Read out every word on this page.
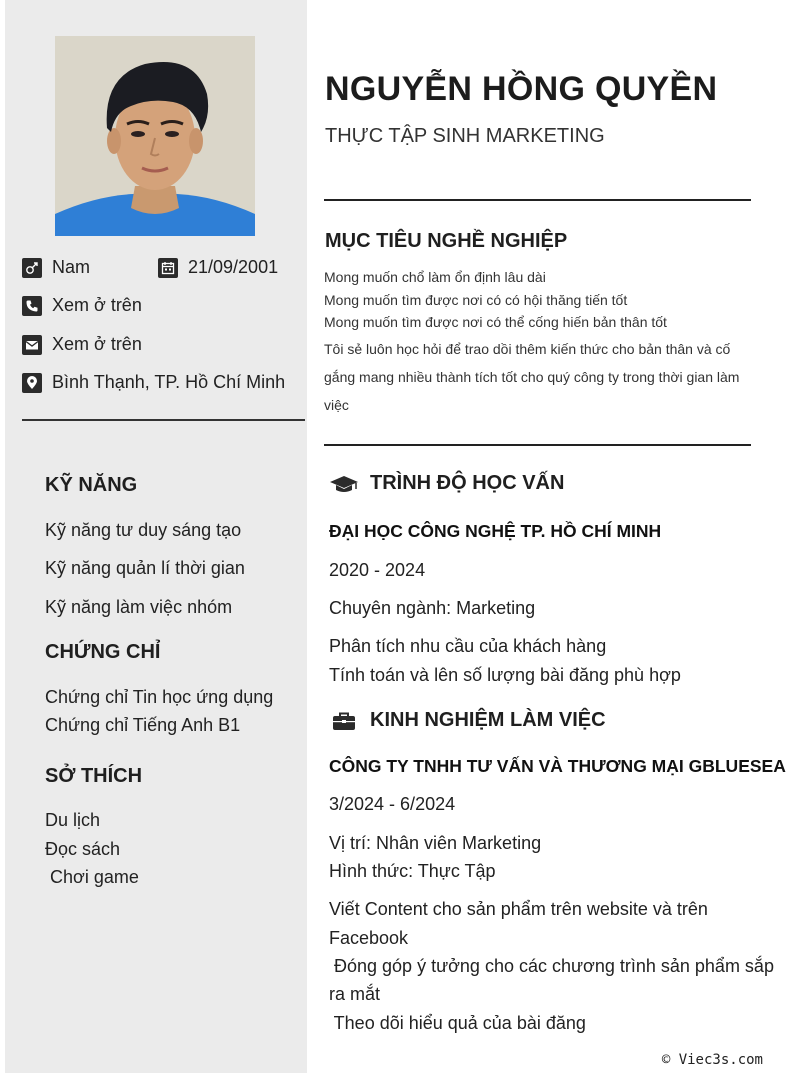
Nam	21/09/2001
Xem ở trên
Xem ở trên
Bình Thạnh, TP. Hồ Chí Minh
KỸ NĂNG
Kỹ năng tư duy sáng tạo
Kỹ năng quản lí thời gian
Kỹ năng làm việc nhóm
CHỨNG CHỈ
Chứng chỉ Tin học ứng dụng
Chứng chỉ Tiếng Anh B1
SỞ THÍCH
Du lịch
Đọc sách
Chơi game
NGUYỄN HỒNG QUYỀN
THỰC TẬP SINH MARKETING
MỤC TIÊU NGHỀ NGHIỆP
Mong muốn chổ làm ổn định lâu dài
Mong muốn tìm được nơi có có hội thăng tiến tốt
Mong muốn tìm được nơi có thể cống hiến bản thân tốt
Tôi sẻ luôn học hỏi để trao dồi thêm kiến thức cho bản thân và cố
gắng mang nhiều thành tích tốt cho quý công ty trong thời gian làm
việc
TRÌNH ĐỘ HỌC VẤN
ĐẠI HỌC CÔNG NGHỆ TP. HỒ CHÍ MINH
2020 - 2024
Chuyên ngành: Marketing
Phân tích nhu cầu của khách hàng
Tính toán và lên số lượng bài đăng phù hợp
KINH NGHIỆM LÀM VIỆC
CÔNG TY TNHH TƯ VẤN VÀ THƯƠNG MẠI GBLUESEA
3/2024 - 6/2024
Vị trí: Nhân viên Marketing
Hình thức: Thực Tập
Viết Content cho sản phẩm trên website và trên
Facebook
Đóng góp ý tưởng cho các chương trình sản phẩm sắp
ra mắt
Theo dõi hiểu quả của bài đăng
© Viec3s.com
